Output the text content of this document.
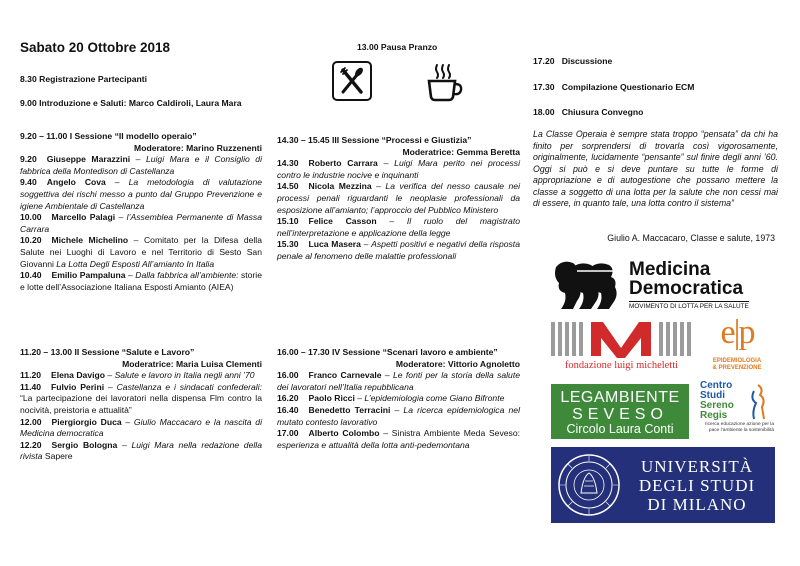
Sabato 20 Ottobre 2018
8.30 Registrazione Partecipanti
9.00 Introduzione e Saluti: Marco Caldiroli, Laura Mara
9.20 – 11.00 I Sessione “Il modello operaio”
Moderatore: Marino Ruzzenenti
9.20 Giuseppe Marazzini – Luigi Mara e il Consiglio di fabbrica della Montedison di Castellanza
9.40 Angelo Cova – La metodologia di valutazione soggettiva dei rischi messo a punto dal Gruppo Prevenzione e igiene Ambientale di Castellanza
10.00 Marcello Palagi – l’Assemblea Permanente di Massa Carrara
10.20 Michele Michelino – Comitato per la Difesa della Salute nei Luoghi di Lavoro e nel Territorio di Sesto San Giovanni La Lotta Degli Esposti All’amianto In Italia
10.40 Emilio Pampaluna – Dalla fabbrica all’ambiente: storie e lotte dell’Associazione Italiana Esposti Amianto (AIEA)
11.20 – 13.00 II Sessione “Salute e Lavoro”
Moderatrice: Maria Luisa Clementi
11.20 Elena Davigo – Salute e lavoro in Italia negli anni ’70
11.40 Fulvio Perini – Castellanza e i sindacati confederali: “La partecipazione dei lavoratori nella dispensa Flm contro la nocività, preistoria e attualità”
12.00 Piergiorgio Duca – Giulio Maccacaro e la nascita di Medicina democratica
12.20 Sergio Bologna – Luigi Mara nella redazione della rivista Sapere
13.00 Pausa Pranzo
14.30 – 15.45 III Sessione “Processi e Giustizia”
Moderatrice: Gemma Beretta
14.30 Roberto Carrara – Luigi Mara perito nei processi contro le industrie nocive e inquinanti
14.50 Nicola Mezzina – La verifica del nesso causale nei processi penali riguardanti le neoplasie professionali da esposizione all’amianto; l’approccio del Pubblico Ministero
15.10 Felice Casson – Il ruolo del magistrato nell’interpretazione e applicazione della legge
15.30 Luca Masera – Aspetti positivi e negativi della risposta penale al fenomeno delle malattie professionali
16.00 – 17.30 IV Sessione “Scenari lavoro e ambiente”
Moderatore: Vittorio Agnoletto
16.00 Franco Carnevale – Le fonti per la storia della salute dei lavoratori nell’Italia repubblicana
16.20 Paolo Ricci – L’epidemiologia come Giano Bifronte
16.40 Benedetto Terracini – La ricerca epidemiologica nel mutato contesto lavorativo
17.00 Alberto Colombo – Sinistra Ambiente Meda Seveso: esperienza e attualità della lotta anti-pedemontana
17.20 Discussione
17.30 Compilazione Questionario ECM
18.00 Chiusura Convegno
La Classe Operaia è sempre stata troppo “pensata” da chi ha finito per sorprendersi di trovarla così vigorosamente, originalmente, lucidamente “pensante” sul finire degli anni ’60. Oggi si può e si deve puntare su tutte le forme di appropriazione e di autogestione che possano mettere la classe a soggetto di una lotta per la salute che non cessi mai di essere, in quanto tale, una lotta contro il sistema”
Giulio A. Maccacaro, Classe e salute, 1973
Medicina
Democratica
MOVIMENTO DI LOTTA PER LA SALUTE
fondazione luigi micheletti
e|p
EPIDEMIOLOGIA
& PREVENZIONE
LEGAMBIENTE
SEVESO
Circolo Laura Conti
Centro
Studi
Sereno
Regis
ricerca educazione azione per la pace l’ambiente la sostenibilità
UNIVERSITÀ
DEGLI STUDI
DI MILANO
